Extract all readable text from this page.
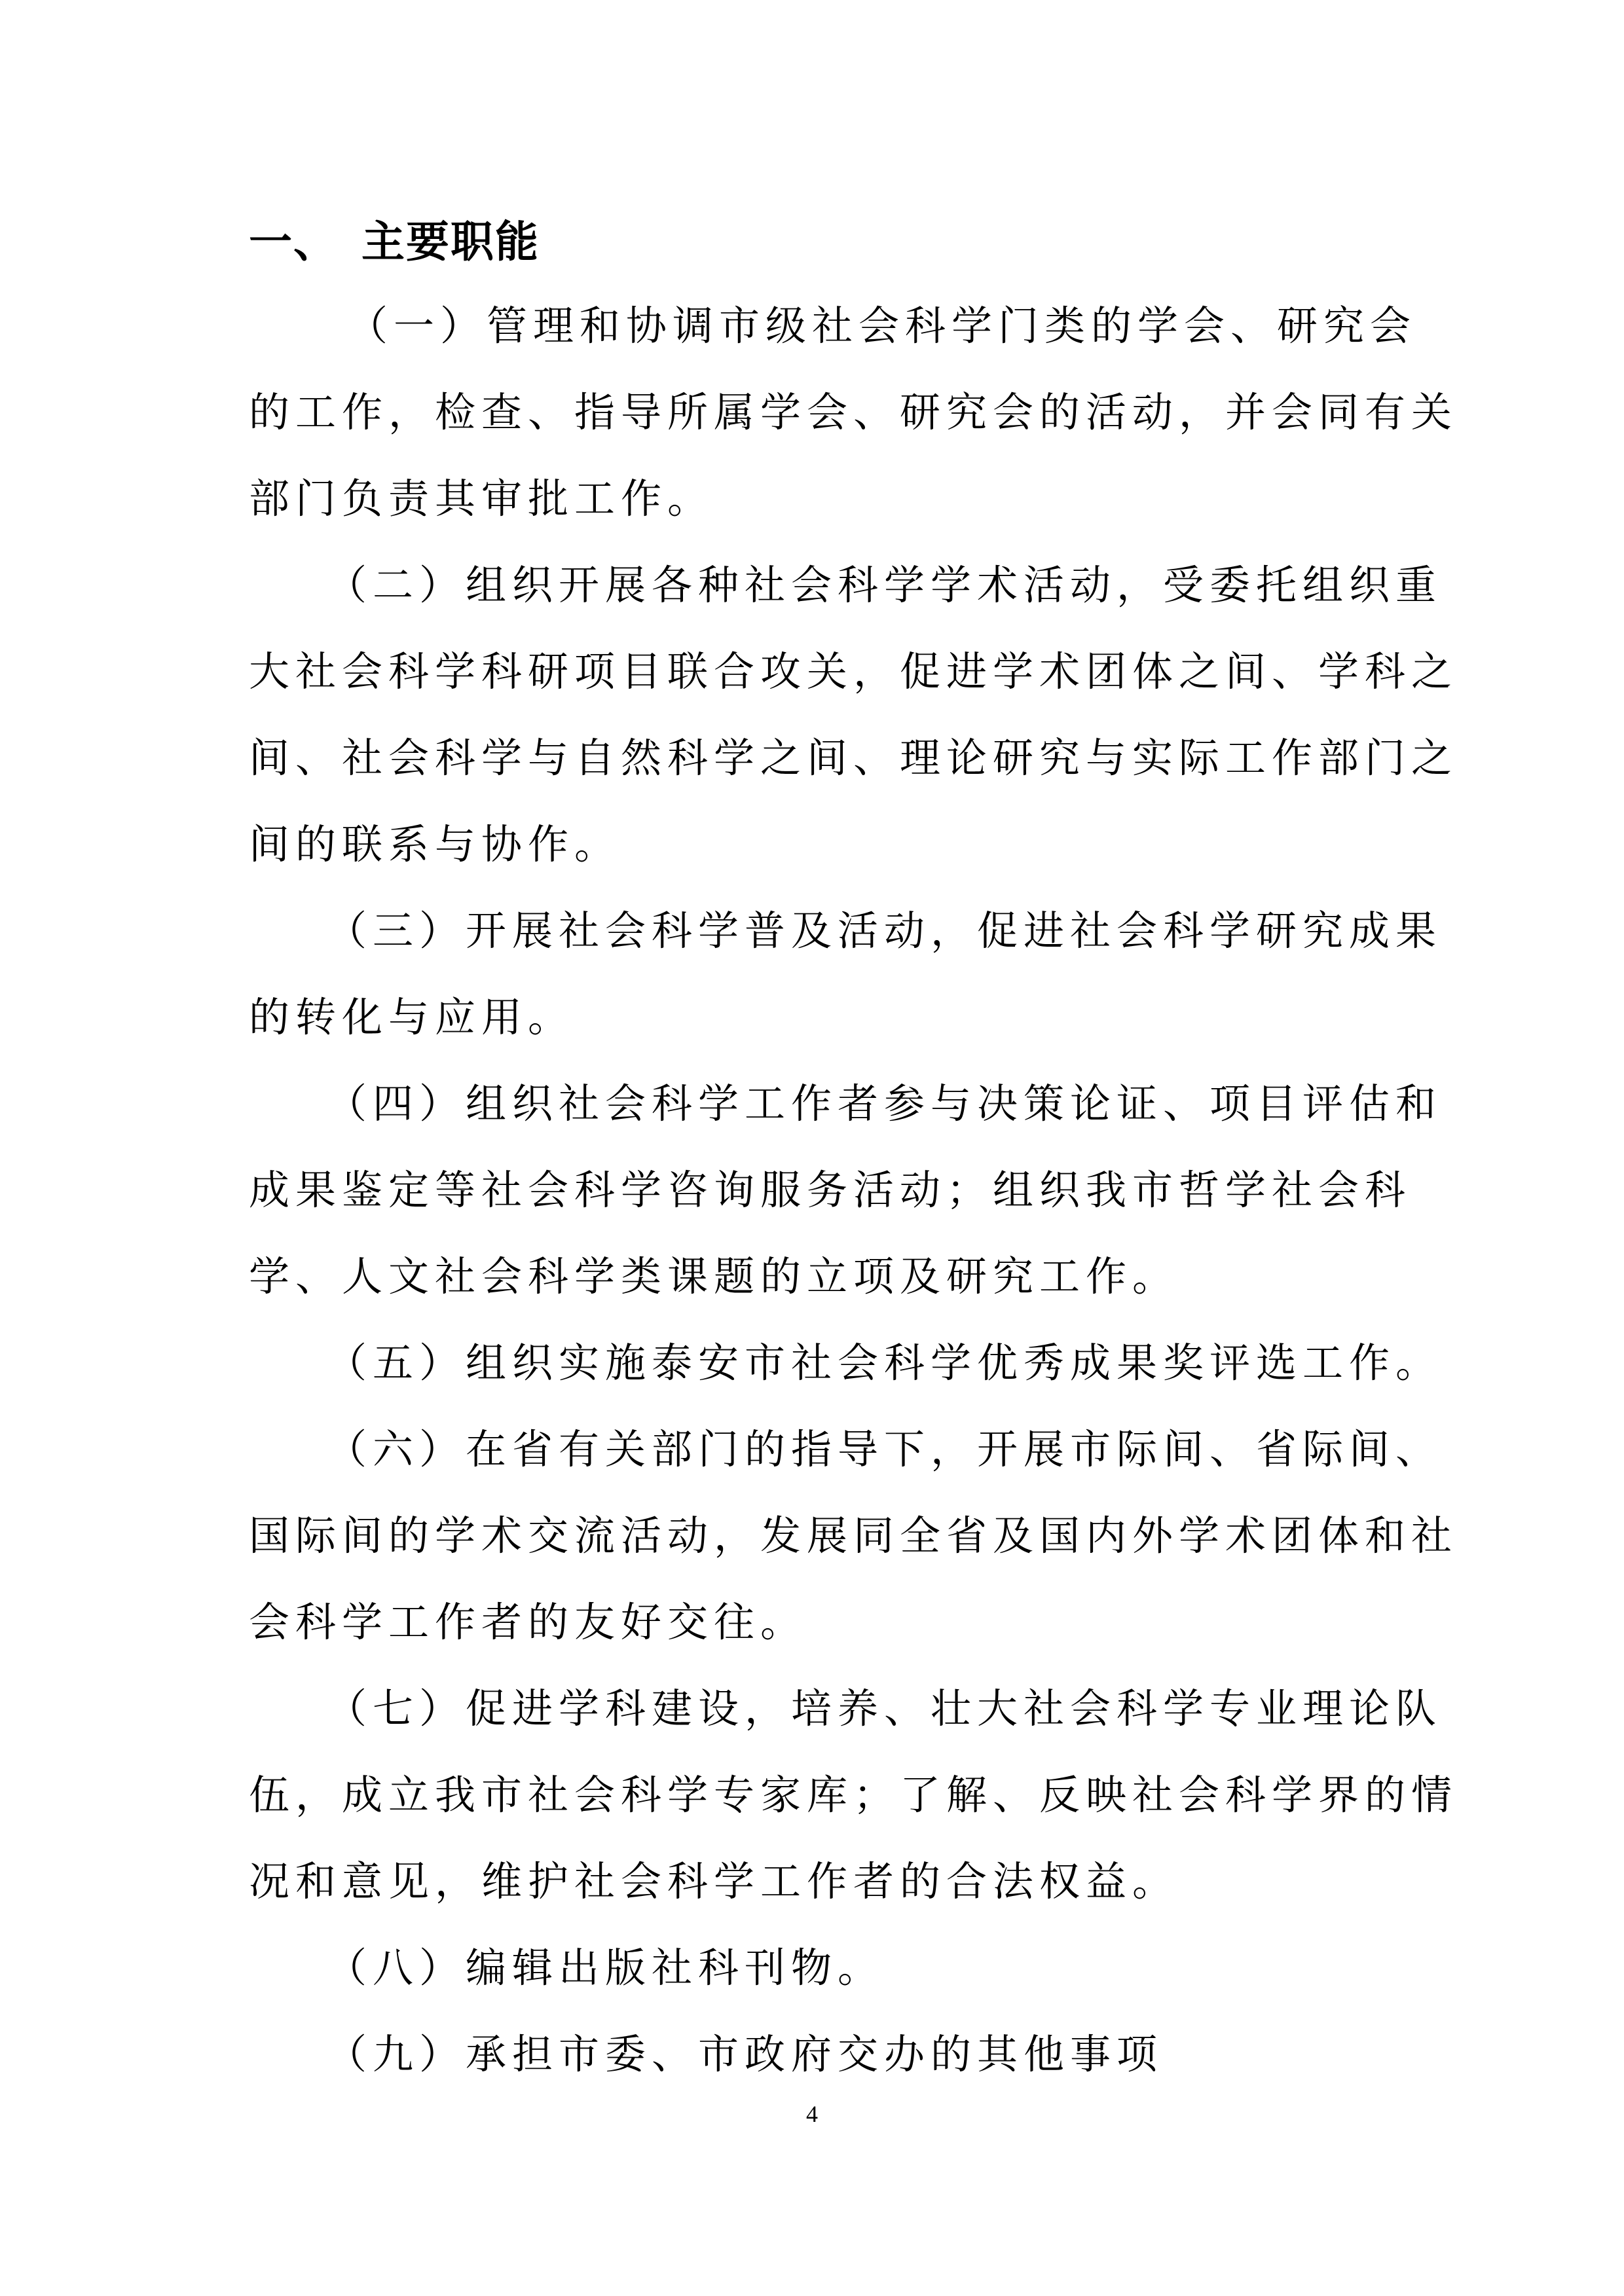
一、 主要职能

（一）管理和协调市级社会科学门类的学会、研究会
的工作，检查、指导所属学会、研究会的活动，并会同有关
部门负责其审批工作。

（二）组织开展各种社会科学学术活动，受委托组织重
大社会科学科研项目联合攻关，促进学术团体之间、学科之
间、社会科学与自然科学之间、理论研究与实际工作部门之
间的联系与协作。

（三）开展社会科学普及活动，促进社会科学研究成果
的转化与应用。

（四）组织社会科学工作者参与决策论证、项目评估和
成果鉴定等社会科学咨询服务活动；组织我市哲学社会科
学、人文社会科学类课题的立项及研究工作。

（五）组织实施泰安市社会科学优秀成果奖评选工作。

（六）在省有关部门的指导下，开展市际间、省际间、
国际间的学术交流活动，发展同全省及国内外学术团体和社
会科学工作者的友好交往。

（七）促进学科建设，培养、壮大社会科学专业理论队
伍，成立我市社会科学专家库；了解、反映社会科学界的情
况和意见，维护社会科学工作者的合法权益。

（八）编辑出版社科刊物。

（九）承担市委、市政府交办的其他事项

4
